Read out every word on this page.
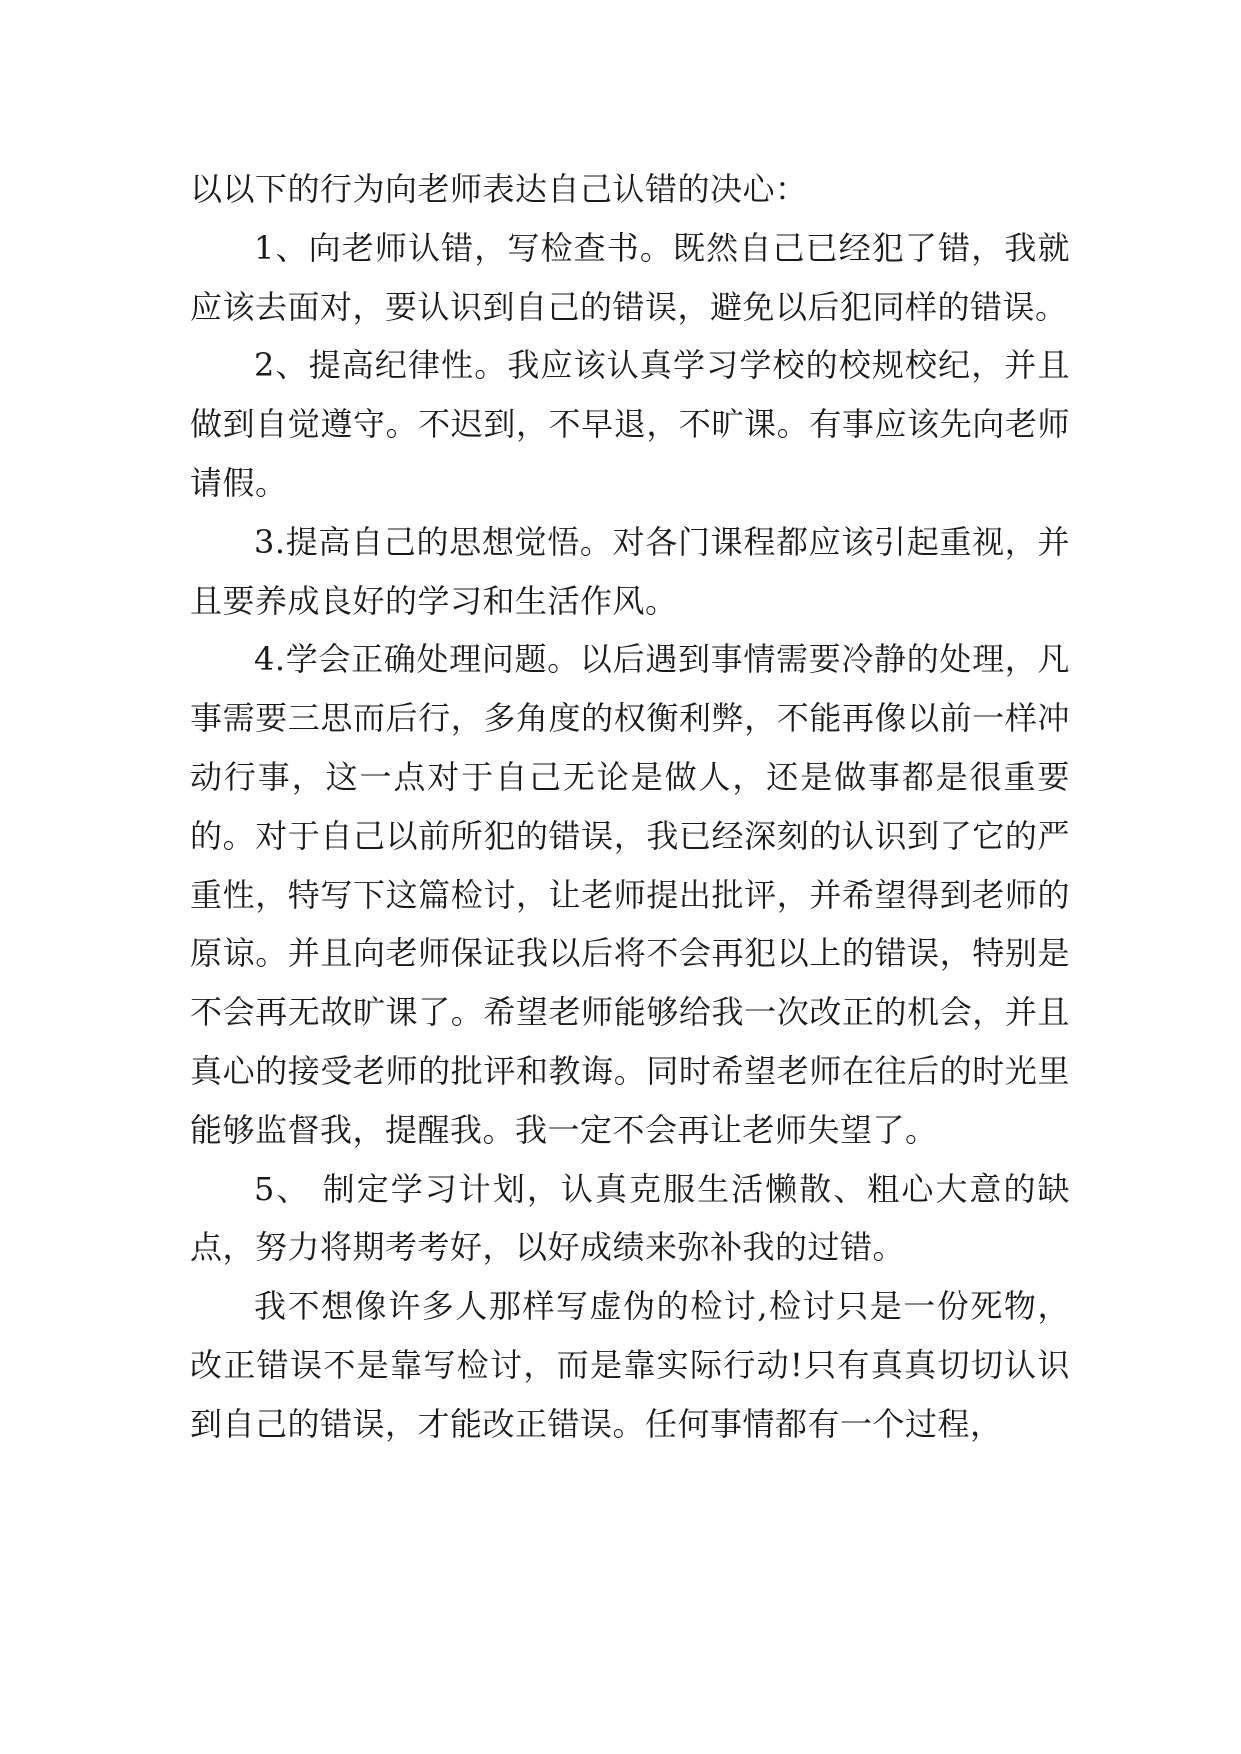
以以下的行为向老师表达自己认错的决心：

1、向老师认错，写检查书。既然自己已经犯了错，我就应该去面对，要认识到自己的错误，避免以后犯同样的错误。

2、提高纪律性。我应该认真学习学校的校规校纪，并且做到自觉遵守。不迟到，不早退，不旷课。有事应该先向老师请假。

3.提高自己的思想觉悟。对各门课程都应该引起重视，并且要养成良好的学习和生活作风。

4.学会正确处理问题。以后遇到事情需要冷静的处理，凡事需要三思而后行，多角度的权衡利弊，不能再像以前一样冲动行事，这一点对于自己无论是做人，还是做事都是很重要的。对于自己以前所犯的错误，我已经深刻的认识到了它的严重性，特写下这篇检讨，让老师提出批评，并希望得到老师的原谅。并且向老师保证我以后将不会再犯以上的错误，特别是不会再无故旷课了。希望老师能够给我一次改正的机会，并且真心的接受老师的批评和教诲。同时希望老师在往后的时光里能够监督我，提醒我。我一定不会再让老师失望了。

5、 制定学习计划，认真克服生活懒散、粗心大意的缺点，努力将期考考好，以好成绩来弥补我的过错。

我不想像许多人那样写虚伪的检讨,检讨只是一份死物，改正错误不是靠写检讨，而是靠实际行动!只有真真切切认识到自己的错误，才能改正错误。任何事情都有一个过程，
